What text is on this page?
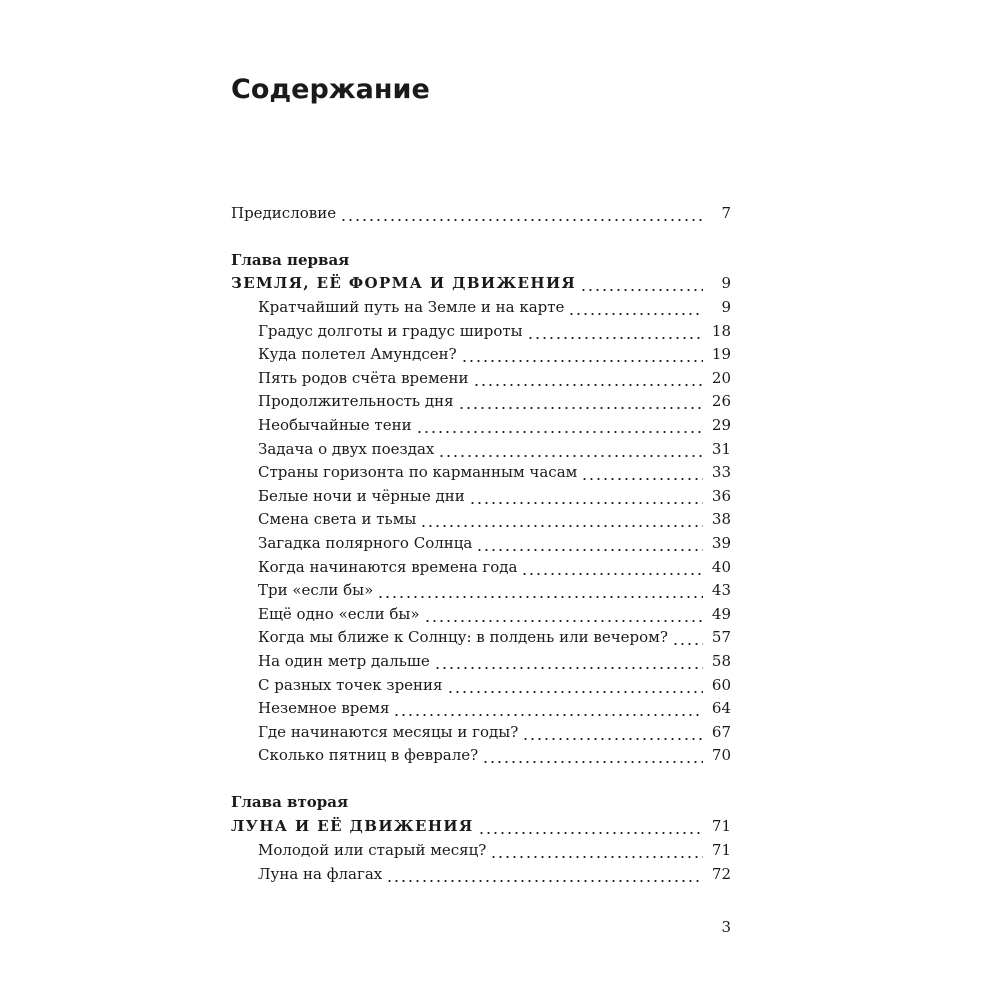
Содержание
Предисловие	7
Глава первая
ЗЕМЛЯ, ЕЁ ФОРМА И ДВИЖЕНИЯ	9
Кратчайший путь на Земле и на карте	9
Градус долготы и градус широты	18
Куда полетел Амундсен?	19
Пять родов счёта времени	20
Продолжительность дня	26
Необычайные тени	29
Задача о двух поездах	31
Страны горизонта по карманным часам	33
Белые ночи и чёрные дни	36
Смена света и тьмы	38
Загадка полярного Солнца	39
Когда начинаются времена года	40
Три «если бы»	43
Ещё одно «если бы»	49
Когда мы ближе к Солнцу: в полдень или вечером?	57
На один метр дальше	58
С разных точек зрения	60
Неземное время	64
Где начинаются месяцы и годы?	67
Сколько пятниц в феврале?	70
Глава вторая
ЛУНА И ЕЁ ДВИЖЕНИЯ	71
Молодой или старый месяц?	71
Луна на флагах	72
3
